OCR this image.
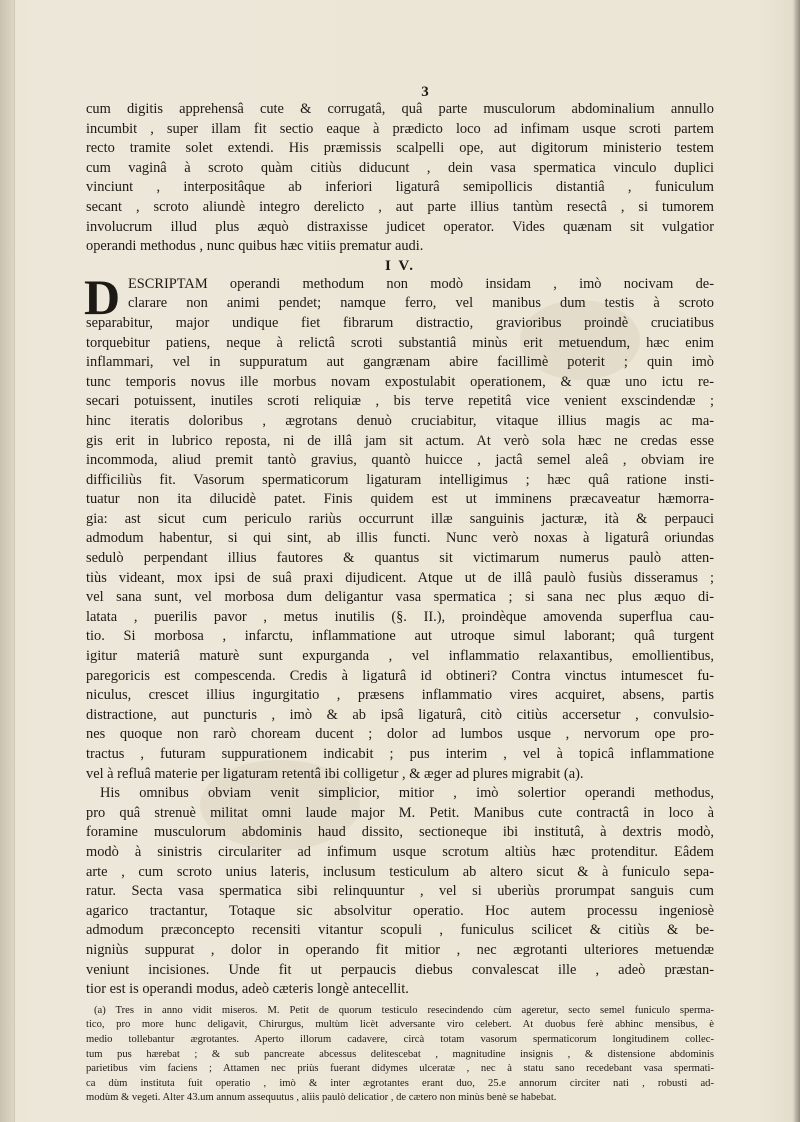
3
cum digitis apprehensâ cute & corrugatâ, quâ parte musculorum abdominalium annullo
incumbit , super illam fit sectio eaque à prædicto loco ad infimam usque scroti partem
recto tramite solet extendi. His præmissis scalpelli ope, aut digitorum ministerio testem
cum vaginâ à scroto quàm citiùs diducunt , dein vasa spermatica vinculo duplici
vinciunt , interpositâque ab inferiori ligaturâ semipollicis distantiâ , funiculum
secant , scroto aliundè integro derelicto , aut parte illius tantùm resectâ , si tumorem
involucrum illud plus æquò distraxisse judicet operator. Vides quænam sit vulgatior
operandi methodus , nunc quibus hæc vitiis prematur audi.
I V.
D ESCRIPTAM operandi methodum non modò insidam , imò nocivam de-
clarare non animi pendet; namque ferro, vel manibus dum testis à scroto
separabitur, major undique fiet fibrarum distractio, gravioribus proindè cruciatibus
torquebitur patiens, neque à relictâ scroti substantiâ minùs erit metuendum, hæc enim
inflammari, vel in suppuratum aut gangrænam abire facillimè poterit ; quin imò
tunc temporis novus ille morbus novam expostulabit operationem, & quæ uno ictu re-
secari potuissent, inutiles scroti reliquiæ , bis terve repetitâ vice venient exscindendæ ;
hinc iteratis doloribus , ægrotans denuò cruciabitur, vitaque illius magis ac ma-
gis erit in lubrico reposta, ni de illâ jam sit actum. At verò sola hæc ne credas esse
incommoda, aliud premit tantò gravius, quantò huicce , jactâ semel aleâ , obviam ire
difficiliùs fit. Vasorum spermaticorum ligaturam intelligimus ; hæc quâ ratione insti-
tuatur non ita dilucidè patet. Finis quidem est ut imminens præcaveatur hæmorra-
gia: ast sicut cum periculo rariùs occurrunt illæ sanguinis jacturæ, ità & perpauci
admodum habentur, si qui sint, ab illis functi. Nunc verò noxas à ligaturâ oriundas
sedulò perpendant illius fautores & quantus sit victimarum numerus paulò atten-
tiùs videant, mox ipsi de suâ praxi dijudicent. Atque ut de illâ paulò fusiùs disseramus ;
vel sana sunt, vel morbosa dum deligantur vasa spermatica ; si sana nec plus æquo di-
latata , puerilis pavor , metus inutilis (§. II.), proindèque amovenda superflua cau-
tio. Si morbosa , infarctu, inflammatione aut utroque simul laborant; quâ turgent
igitur materiâ maturè sunt expurganda , vel inflammatio relaxantibus, emollientibus,
paregoricis est compescenda. Credis à ligaturâ id obtineri? Contra vinctus intumescet fu-
niculus, crescet illius ingurgitatio , præsens inflammatio vires acquiret, absens, partis
distractione, aut puncturis , imò & ab ipsâ ligaturâ, citò citiùs accersetur , convulsio-
nes quoque non rarò choream ducent ; dolor ad lumbos usque , nervorum ope pro-
tractus , futuram suppurationem indicabit ; pus interim , vel à topicâ inflammatione
vel à refluâ materie per ligaturam retentâ ibi colligetur , & æger ad plures migrabit (a).
His omnibus obviam venit simplicior, mitior , imò solertior operandi methodus,
pro quâ strenuè militat omni laude major M. Petit. Manibus cute contractâ in loco à
foramine musculorum abdominis haud dissito, sectioneque ibi institutâ, à dextris modò,
modò à sinistris circulariter ad infimum usque scrotum altiùs hæc protenditur. Eâdem
arte , cum scroto unius lateris, inclusum testiculum ab altero sicut & à funiculo sepa-
ratur. Secta vasa spermatica sibi relinquuntur , vel si uberiùs prorumpat sanguis cum
agarico tractantur, Totaque sic absolvitur operatio. Hoc autem processu ingeniosè
admodum præconcepto recensiti vitantur scopuli , funiculus scilicet & citiùs & be-
nigniùs suppurat , dolor in operando fit mitior , nec ægrotanti ulteriores metuendæ
veniunt incisiones. Unde fit ut perpaucis diebus convalescat ille , adeò præstan-
tior est is operandi modus, adeò cæteris longè antecellit.
(a) Tres in anno vidit miseros. M. Petit de quorum testiculo resecindendo cùm ageretur, secto semel funiculo sperma-
tico, pro more hunc deligavit, Chirurgus, multùm licèt adversante viro celebert. At duobus ferè abhinc mensibus, è
medio tollebantur ægrotantes. Aperto illorum cadavere, circà totam vasorum spermaticorum longitudinem collec-
tum pus hærebat ; & sub pancreate abcessus delitescebat , magnitudine insignis , & distensione abdominis
parietibus vim faciens ; Attamen nec priùs fuerant didymes ulceratæ , nec à statu sano recedebant vasa spermati-
ca dùm instituta fuit operatio , imò & inter ægrotantes erant duo, 25.e annorum circiter nati , robusti ad-
modùm & vegeti. Alter 43.um annum assequutus , aliis paulò delicatior , de cætero non minùs benè se habebat.
